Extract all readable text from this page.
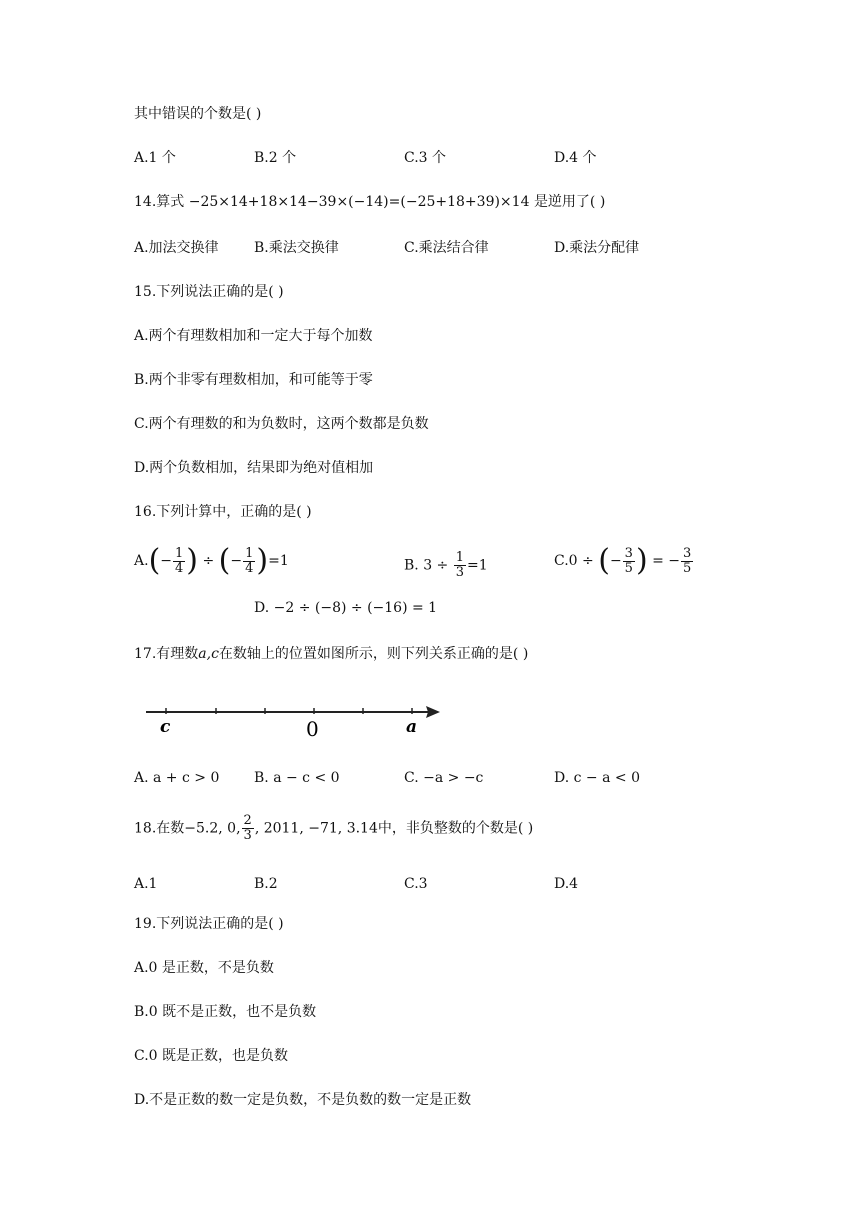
其中错误的个数是( )
A.1 个	B.2 个	C.3 个	D.4 个
14.算式 −25×14+18×14−39×(−14)=(−25+18+39)×14 是逆用了( )
A.加法交换律	B.乘法交换律	C.乘法结合律	D.乘法分配律
15.下列说法正确的是( )
A.两个有理数相加和一定大于每个加数
B.两个非零有理数相加，和可能等于零
C.两个有理数的和为负数时，这两个数都是负数
D.两个负数相加，结果即为绝对值相加
16.下列计算中，正确的是( )
$A.(- \frac{1}{4}$ ) ÷ (− $\frac{1}{4} )=1$	B. $3 \div \frac{1}{3} =1$	C.0 ÷ (− $\frac{3}{5}$ ) = − $\frac{3}{5}$
D. −2 ÷ (−8) ÷ (−16) = 1
17.有理数a,c在数轴上的位置如图所示，则下列关系正确的是( )
c	0	a
A. a + c > 0 B. a − c < 0	C. −a > −c	D. c − a < 0
18.在数−5.2, 0, $\frac{2}{3}$ , 2011, −71, 3.14中，非负整数的个数是( )
A.1	B.2	C.3	D.4
19.下列说法正确的是( )
A.0 是正数，不是负数
B.0 既不是正数，也不是负数
C.0 既是正数，也是负数
D.不是正数的数一定是负数，不是负数的数一定是正数
